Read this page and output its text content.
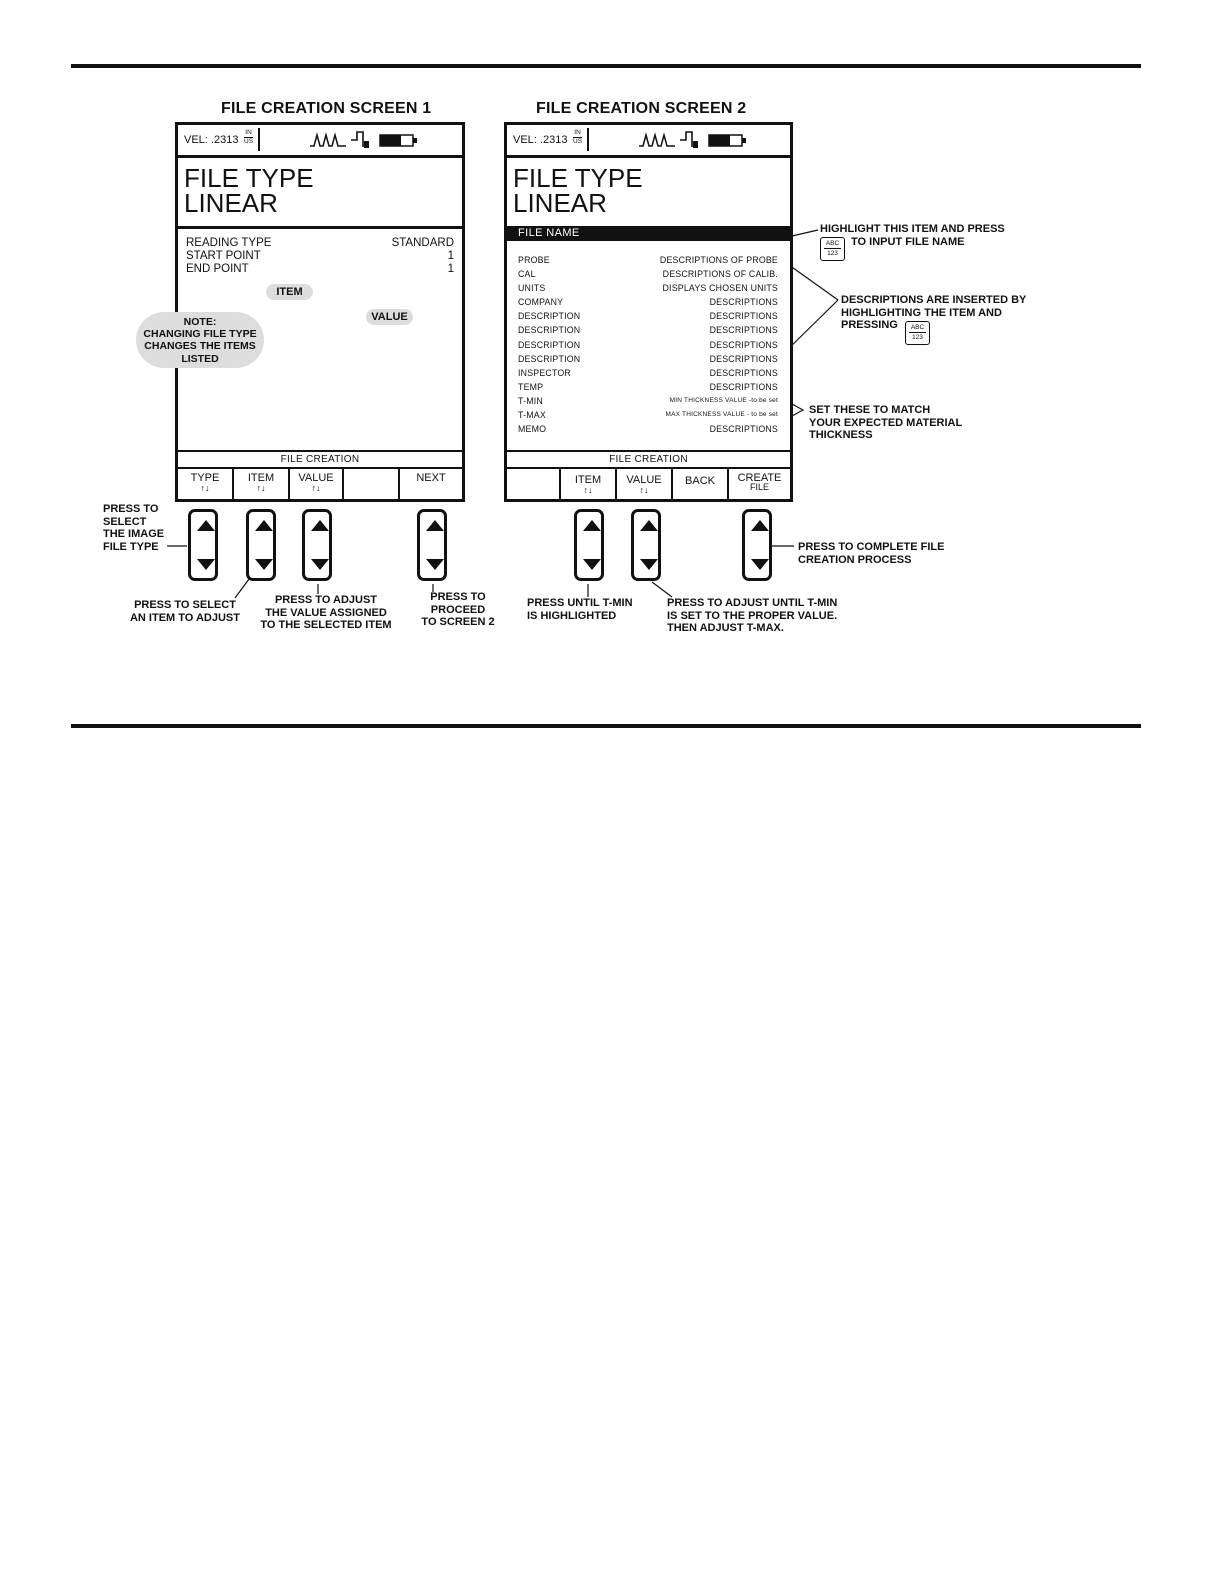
FILE CREATION SCREEN 1
VEL: $.2313 \frac{IN}{US}$
FILE TYPE
LINEAR
READING TYPE	STANDARD
START POINT	1
END POINT	1
FILE CREATION
TYPE
↑↓
ITEM
↑↓
VALUE
↑↓
NEXT
FILE CREATION SCREEN 2
VEL: $.2313 \frac{IN}{US}$
FILE TYPE
LINEAR
FILE NAME
PROBE	DESCRIPTIONS OF PROBE
CAL	DESCRIPTIONS OF CALIB.
UNITS	DISPLAYS CHOSEN UNITS
COMPANY	DESCRIPTIONS
DESCRIPTION	DESCRIPTIONS
DESCRIPTION	DESCRIPTIONS
DESCRIPTION	DESCRIPTIONS
DESCRIPTION	DESCRIPTIONS
INSPECTOR	DESCRIPTIONS
TEMP	DESCRIPTIONS
T-MIN	MIN THICKNESS VALUE -to be set
T-MAX	MAX THICKNESS VALUE - to be set
MEMO	DESCRIPTIONS
FILE CREATION
ITEM
↑↓
VALUE
↑↓
BACK	CREATE
FILE
ITEM
VALUE
NOTE:
CHANGING FILE TYPE
CHANGES THE ITEMS
LISTED
HIGHLIGHT THIS ITEM AND PRESS
TO INPUT FILE NAME
ABC
123
DESCRIPTIONS ARE INSERTED BY
HIGHLIGHTING THE ITEM AND
PRESSING	ABC
123
SET THESE TO MATCH
YOUR EXPECTED MATERIAL
THICKNESS
PRESS TO
SELECT
THE IMAGE
FILE TYPE
PRESS TO SELECT
AN ITEM TO ADJUST
PRESS TO ADJUST
THE VALUE ASSIGNED
TO THE SELECTED ITEM
PRESS TO
PROCEED
TO SCREEN 2
PRESS UNTIL T-MIN
IS HIGHLIGHTED
PRESS TO ADJUST UNTIL T-MIN
IS SET TO THE PROPER VALUE.
THEN ADJUST T-MAX.
PRESS TO COMPLETE FILE
CREATION PROCESS
